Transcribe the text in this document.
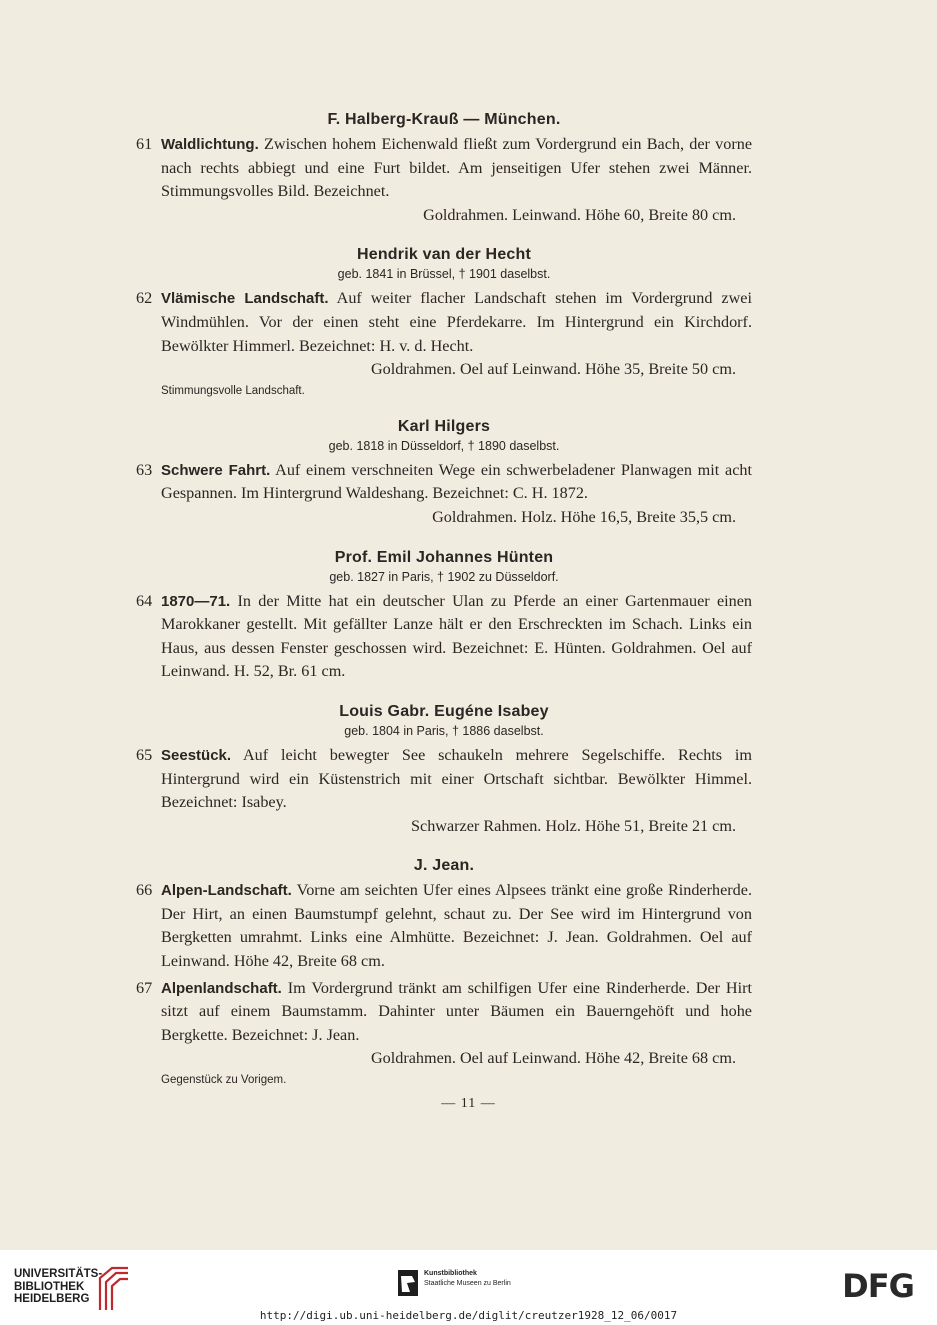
F. Halberg-Krauß — München.
61 Waldlichtung. Zwischen hohem Eichenwald fließt zum Vordergrund ein Bach, der vorne nach rechts abbiegt und eine Furt bildet. Am jenseitigen Ufer stehen zwei Männer. Stimmungsvolles Bild. Bezeichnet.
Goldrahmen. Leinwand. Höhe 60, Breite 80 cm.
Hendrik van der Hecht
geb. 1841 in Brüssel, † 1901 daselbst.
62 Vlämische Landschaft. Auf weiter flacher Landschaft stehen im Vordergrund zwei Windmühlen. Vor der einen steht eine Pferdekarre. Im Hintergrund ein Kirchdorf. Bewölkter Himmerl. Bezeichnet: H. v. d. Hecht.
Goldrahmen. Oel auf Leinwand. Höhe 35, Breite 50 cm.
Stimmungsvolle Landschaft.
Karl Hilgers
geb. 1818 in Düsseldorf, † 1890 daselbst.
63 Schwere Fahrt. Auf einem verschneiten Wege ein schwerbeladener Planwagen mit acht Gespannen. Im Hintergrund Waldeshang. Bezeichnet: C. H. 1872.
Goldrahmen. Holz. Höhe 16,5, Breite 35,5 cm.
Prof. Emil Johannes Hünten
geb. 1827 in Paris, † 1902 zu Düsseldorf.
64 1870—71. In der Mitte hat ein deutscher Ulan zu Pferde an einer Gartenmauer einen Marokkaner gestellt. Mit gefällter Lanze hält er den Erschreckten im Schach. Links ein Haus, aus dessen Fenster geschossen wird. Bezeichnet: E. Hünten. Goldrahmen. Oel auf Leinwand. H. 52, Br. 61 cm.
Louis Gabr. Eugéne Isabey
geb. 1804 in Paris, † 1886 daselbst.
65 Seestück. Auf leicht bewegter See schaukeln mehrere Segelschiffe. Rechts im Hintergrund wird ein Küstenstrich mit einer Ortschaft sichtbar. Bewölkter Himmel. Bezeichnet: Isabey.
Schwarzer Rahmen. Holz. Höhe 51, Breite 21 cm.
J. Jean.
66 Alpen-Landschaft. Vorne am seichten Ufer eines Alpsees tränkt eine große Rinderherde. Der Hirt, an einen Baumstumpf gelehnt, schaut zu. Der See wird im Hintergrund von Bergketten umrahmt. Links eine Almhütte. Bezeichnet: J. Jean. Goldrahmen. Oel auf Leinwand. Höhe 42, Breite 68 cm.
67 Alpenlandschaft. Im Vordergrund tränkt am schilfigen Ufer eine Rinderherde. Der Hirt sitzt auf einem Baumstamm. Dahinter unter Bäumen ein Bauerngehöft und hohe Bergkette. Bezeichnet: J. Jean.
Goldrahmen. Oel auf Leinwand. Höhe 42, Breite 68 cm.
Gegenstück zu Vorigem.
— 11 —
UNIVERSITÄTS-
BIBLIOTHEK
HEIDELBERG
Kunstbibliothek
Staatliche Museen zu Berlin	DFG
http://digi.ub.uni-heidelberg.de/diglit/creutzer1928_12_06/0017
